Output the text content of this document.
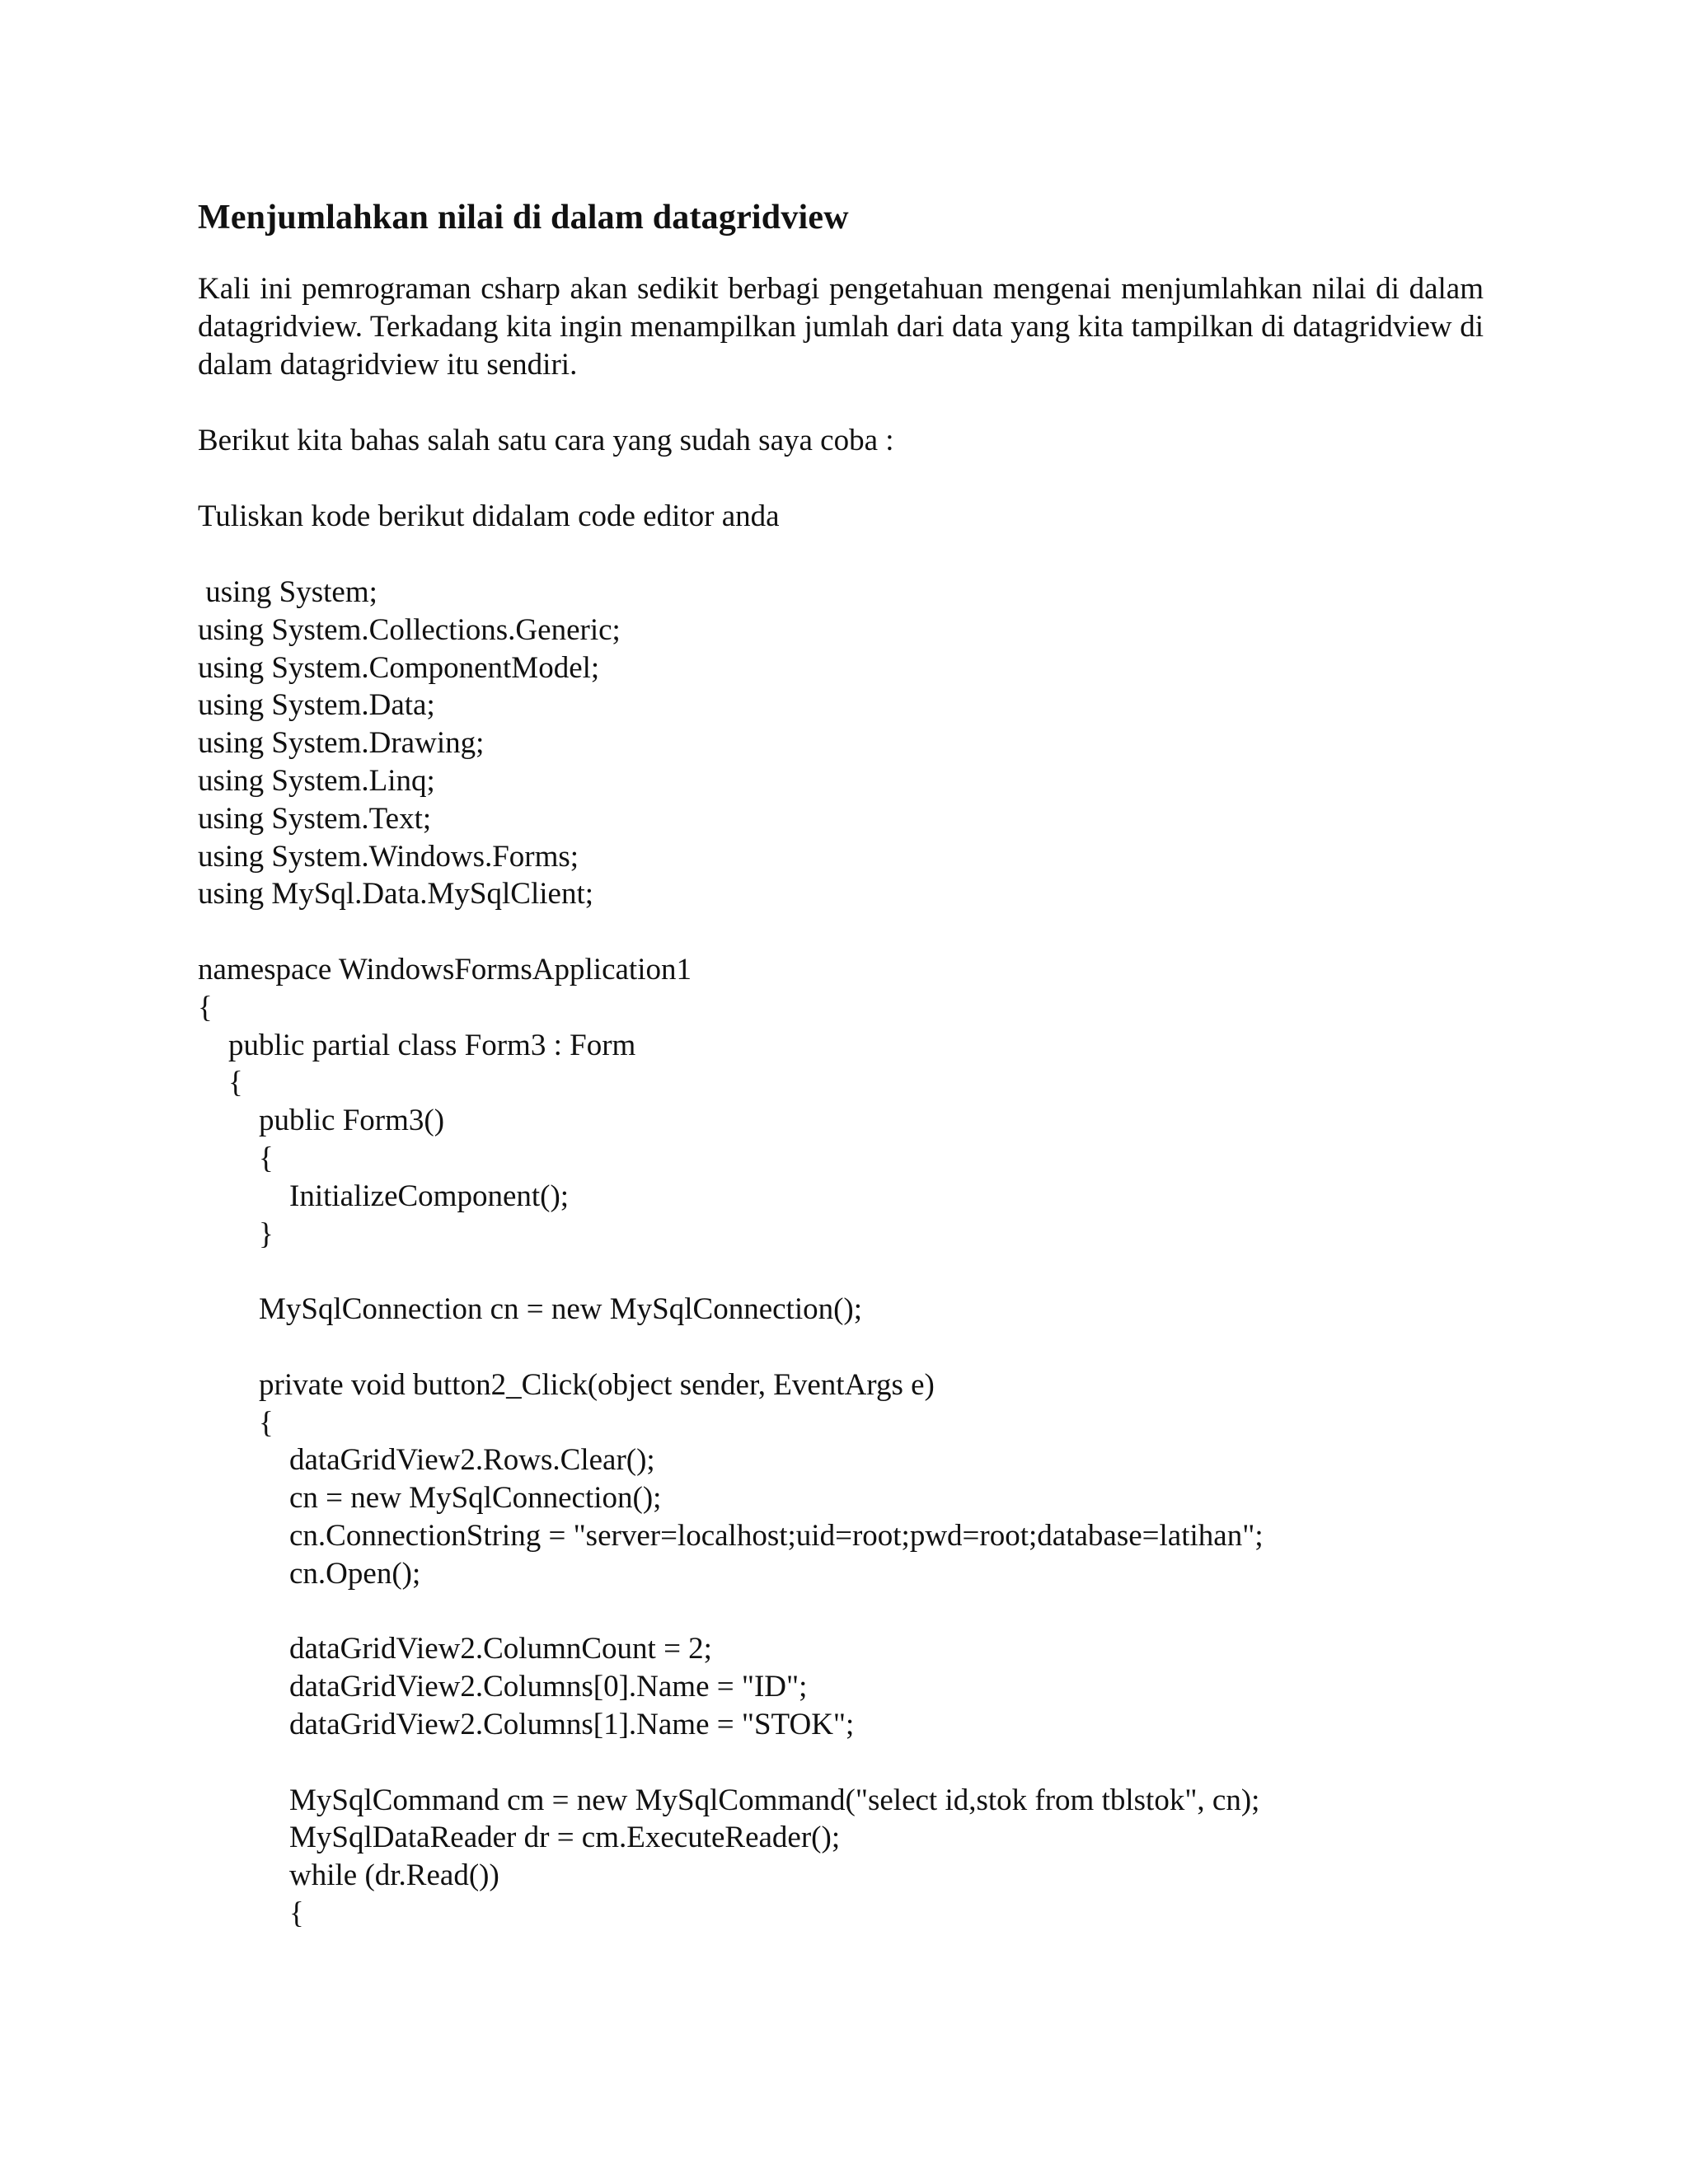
Menjumlahkan nilai di dalam datagridview

Kali ini pemrograman csharp akan sedikit berbagi pengetahuan mengenai menjumlahkan nilai di dalam datagridview. Terkadang kita ingin menampilkan jumlah dari data yang kita tampilkan di datagridview di dalam datagridview itu sendiri.

Berikut kita bahas salah satu cara yang sudah saya coba :

Tuliskan kode berikut didalam code editor anda

using System;
using System.Collections.Generic;
using System.ComponentModel;
using System.Data;
using System.Drawing;
using System.Linq;
using System.Text;
using System.Windows.Forms;
using MySql.Data.MySqlClient;
namespace WindowsFormsApplication1
{
public partial class Form3 : Form
{
public Form3()
{
InitializeComponent();
}
MySqlConnection cn = new MySqlConnection();
private void button2_Click(object sender, EventArgs e)
{
dataGridView2.Rows.Clear();
cn = new MySqlConnection();
cn.ConnectionString = "server=localhost;uid=root;pwd=root;database=latihan";
cn.Open();
dataGridView2.ColumnCount = 2;
dataGridView2.Columns[0].Name = "ID";
dataGridView2.Columns[1].Name = "STOK";
MySqlCommand cm = new MySqlCommand("select id,stok from tblstok", cn);
MySqlDataReader dr = cm.ExecuteReader();
while (dr.Read())
{
